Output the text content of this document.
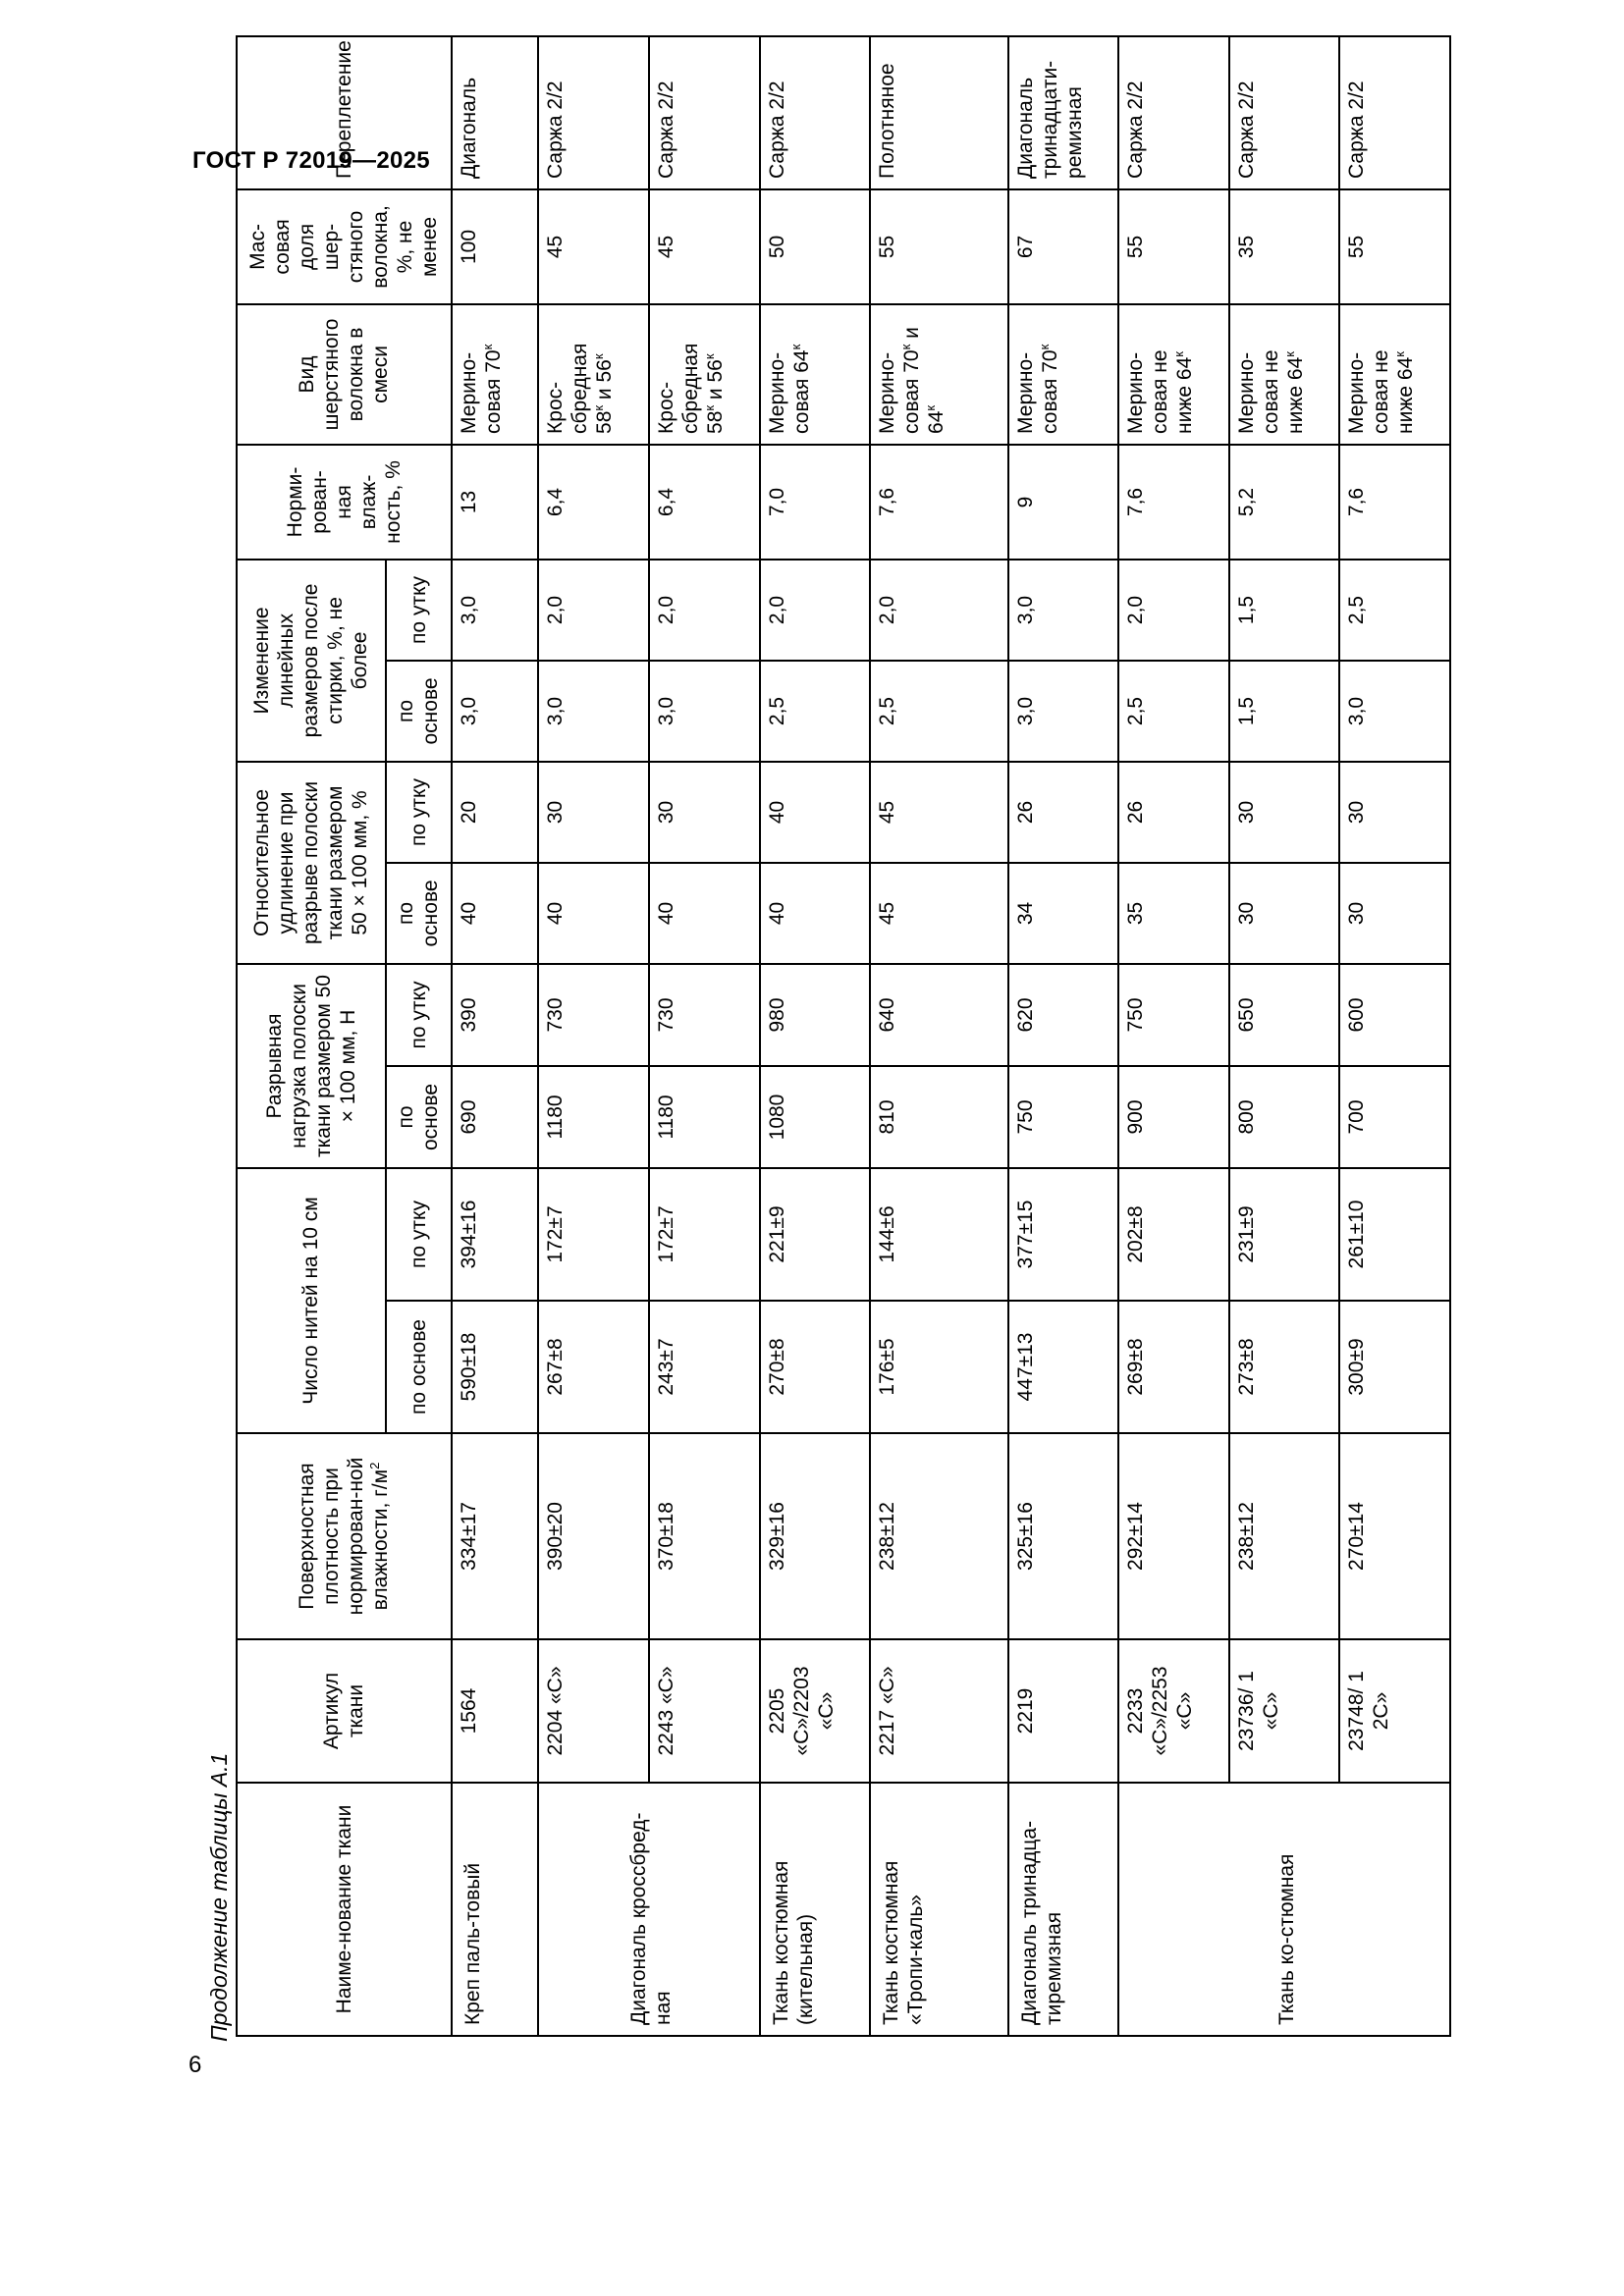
ГОСТ Р 72019—2025
6
Продолжение таблицы А.1	Наиме-нование ткани	Артикул ткани	Поверхностная плотность при нормирован-ной влажности, $г/м^2$	Число нитей на 10 см		Разрывная нагрузка полоски ткани размером 50 × 100 мм, Н		Относительное удлинение при разрыве полоски ткани размером 50 × 100 мм, %		Изменение линейных размеров после стирки, %, не более		Норми-рован-ная влаж-ность, %	Вид шерстяного волокна в смеси	Мас-совая доля шер-стяного волокна, %, не менее	Переплетение
			по основе	по утку	по основе	по утку	по основе	по утку	по основе	по утку				
Креп паль-товый	1564	334±17	590±18	394±16	690	390	40	20	3,0	3,0	13	Мерино-совая $70^к$	100	Диагональ
Диагональ кроссбред-ная	2204 «С»	390±20	267±8	172±7	1180	730	40	30	3,0	2,0	6,4	Крос-сбредная $58^к$ и $56^к$	45	Саржа 2/2
	2243 «С»	370±18	243±7	172±7	1180	730	40	30	3,0	2,0	6,4	Крос-сбредная $58^к$ и $56^к$	45	Саржа 2/2
Ткань костюмная (кительная)	2205 «С»/2203 «С»	329±16	270±8	221±9	1080	980	40	40	2,5	2,0	7,0	Мерино-совая $64^к$	50	Саржа 2/2
Ткань костюмная «Тропи-каль»	2217 «С»	238±12	176±5	144±6	810	640	45	45	2,5	2,0	7,6	Мерино-совая $70^к$ и $64^к$	55	Полотняное
Диагональ тринадца-тиремизная	2219	325±16	447±13	377±15	750	620	34	26	3,0	3,0	9	Мерино-совая $70^к$	67	Диагональ тринадцати-ремизная
Ткань ко-стюмная	2233 «С»/2253 «С»	292±14	269±8	202±8	900	750	35	26	2,5	2,0	7,6	Мерино-совая не ниже $64^к$	55	Саржа 2/2
	23736/ 1 «С»	238±12	273±8	231±9	800	650	30	30	1,5	1,5	5,2	Мерино-совая не ниже $64^к$	35	Саржа 2/2
	23748/ 1 2С»	270±14	300±9	261±10	700	600	30	30	3,0	2,5	7,6	Мерино-совая не ниже $64^к$	55	Саржа 2/2
